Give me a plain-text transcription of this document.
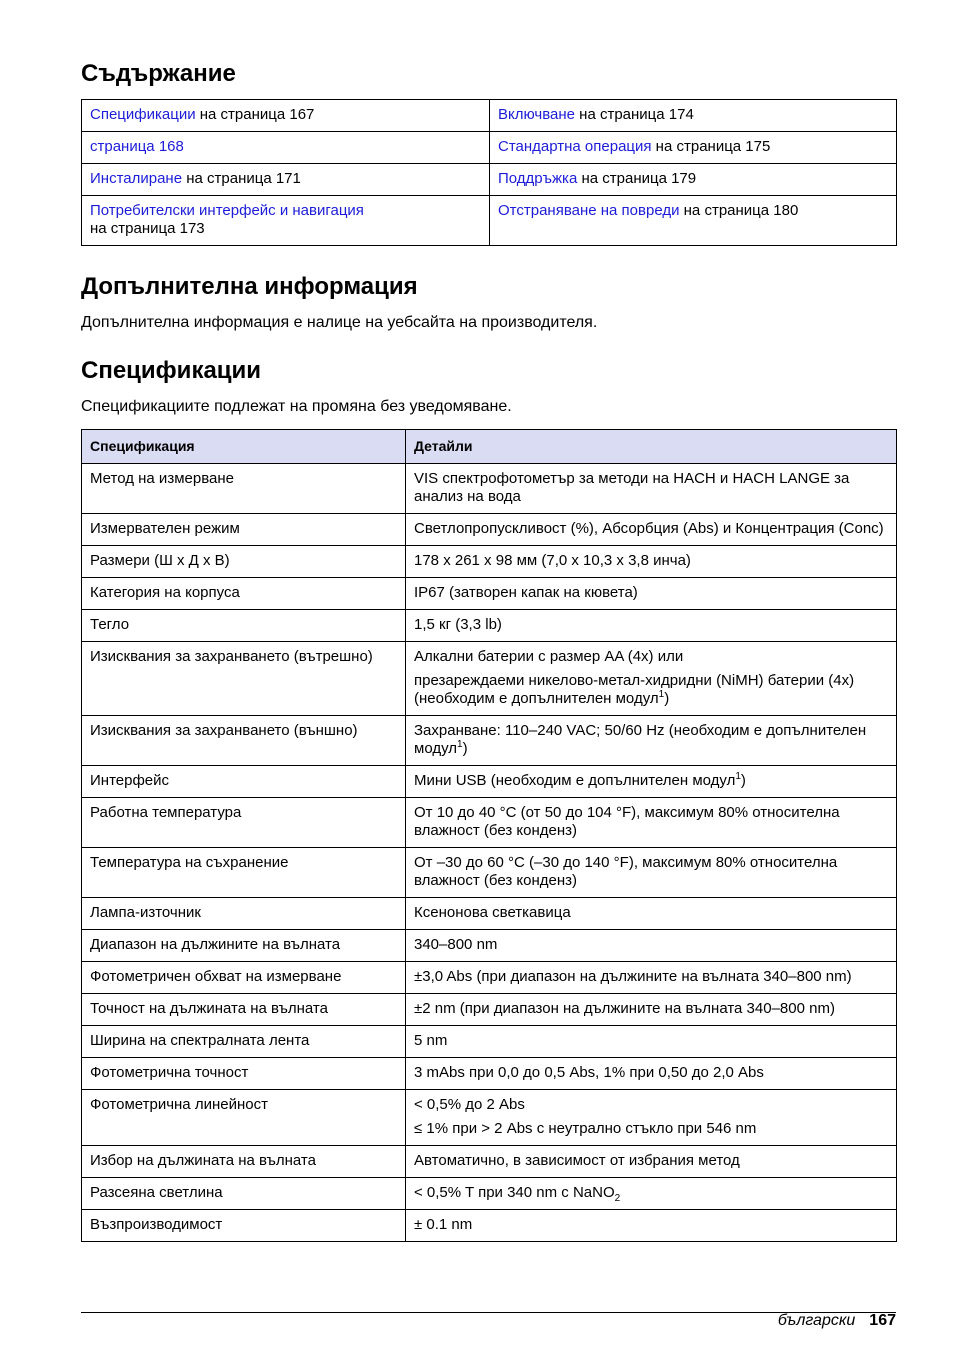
Съдържание
Спецификации на страница 167	Включване на страница 174
страница 168	Стандартна операция на страница 175
Инсталиране на страница 171	Поддръжка на страница 179
Потребителски интерфейс и навигация
на страница 173	Отстраняване на повреди на страница 180
Допълнителна информация

Допълнителна информация е налице на уебсайта на производителя.

Спецификации

Спецификациите подлежат на промяна без уведомяване.

Спецификация	Детайли
Метод на измерване	VIS спектрофотометър за методи на HACH и HACH LANGE за анализ на вода
Измервателен режим	Светлопропускливост (%), Абсорбция (Abs) и Концентрация (Conc)
Размери (Ш x Д x В)	178 x 261 x 98 мм (7,0 x 10,3 x 3,8 инча)
Категория на корпуса	IP67 (затворен капак на кювета)
Тегло	1,5 кг (3,3 lb)
Изисквания за захранването (вътрешно)	Алкални батерии с размер AA (4x) или
презареждаеми никелово-метал-хидридни (NiMH) батерии (4x) (необходим е допълнителен модул$^1$)
Изисквания за захранването (външно)	Захранване: 110–240 VAC; 50/60 Hz (необходим е допълнителен модул$^1$)
Интерфейс	Мини USB (необходим е допълнителен модул$^1$)
Работна температура	От 10 до 40 °C (от 50 до 104 °F), максимум 80% относителна влажност (без конденз)
Температура на съхранение	От –30 до 60 °C (–30 до 140 °F), максимум 80% относителна влажност (без конденз)
Лампа-източник	Ксенонова светкавица
Диапазон на дължините на вълната	340–800 nm
Фотометричен обхват на измерване	±3,0 Abs (при диапазон на дължините на вълната 340–800 nm)
Точност на дължината на вълната	±2 nm (при диапазон на дължините на вълната 340–800 nm)
Ширина на спектралната лента	5 nm
Фотометрична точност	3 mAbs при 0,0 до 0,5 Abs, 1% при 0,50 до 2,0 Abs
Фотометрична линейност	< 0,5% до 2 Abs
≤ 1% при > 2 Abs с неутрално стъкло при 546 nm
Избор на дължината на вълната	Автоматично, в зависимост от избрания метод
Разсеяна светлина	< 0,5% T при 340 nm с NaNO$_2$
Възпроизводимост	± 0.1 nm
български 167
